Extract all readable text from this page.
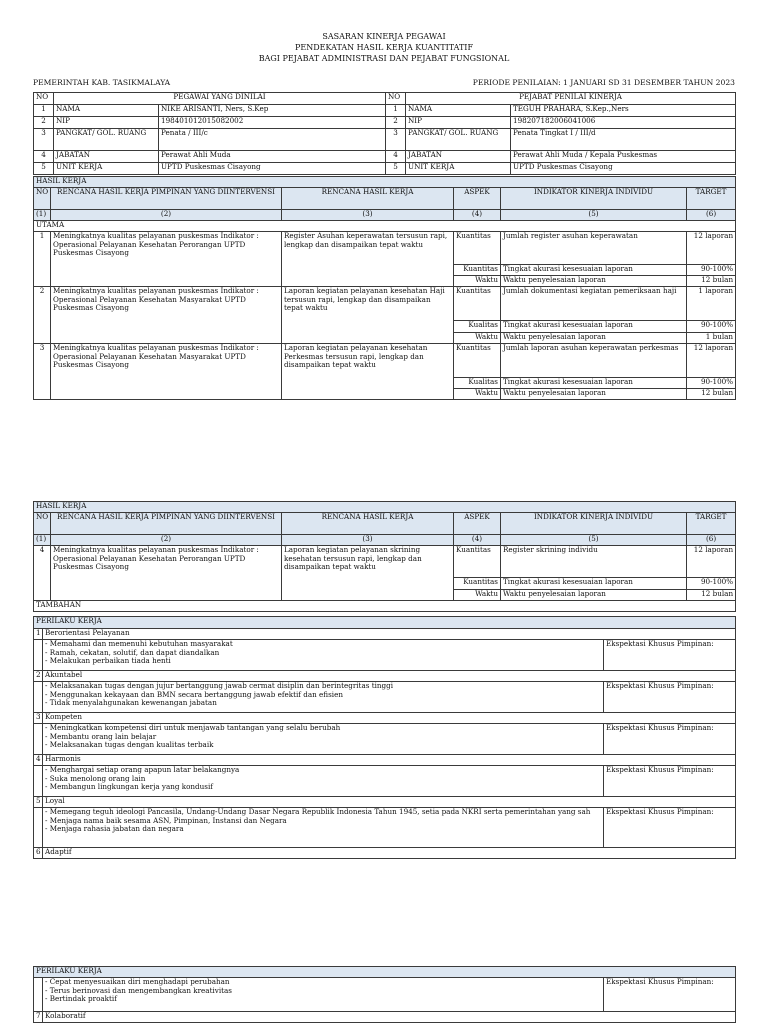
SASARAN KINERJA PEGAWAI
PENDEKATAN HASIL KERJA KUANTITATIF
BAGI PEJABAT ADMINISTRASI DAN PEJABAT FUNGSIONAL
PEMERINTAH KAB. TASIKMALAYA	PERIODE PENILAIAN: 1 JANUARI SD 31 DESEMBER TAHUN 2023
NO	PEGAWAI YANG DINILAI		NO	PEJABAT PENILAI KINERJA	
1	NAMA	NIKE ARISANTI, Ners, S.Kep	1	NAMA	TEGUH PRAHARA, S.Kep.,Ners
2	NIP	198401012015082002	2	NIP	198207182006041006
3	PANGKAT/ GOL. RUANG	Penata / III/c	3	PANGKAT/ GOL. RUANG	Penata Tingkat I / III/d
4	JABATAN	Perawat Ahli Muda	4	JABATAN	Perawat Ahli Muda / Kepala Puskesmas
5	UNIT KERJA	UPTD Puskesmas Cisayong	5	UNIT KERJA	UPTD Puskesmas Cisayong
HASIL KERJA					
NO	RENCANA HASIL KERJA PIMPINAN YANG DIINTERVENSI	RENCANA HASIL KERJA	ASPEK	INDIKATOR KINERJA INDIVIDU	TARGET
(1)	(2)	(3)	(4)	(5)	(6)
UTAMA					
1	Meningkatnya kualitas pelayanan puskesmas Indikator : Operasional Pelayanan Kesehatan Perorangan UPTD Puskesmas Cisayong	Register Asuhan keperawatan tersusun rapi, lengkap dan disampaikan tepat waktu	Kuantitas	Jumlah register asuhan keperawatan	12 laporan
			Kuantitas	Tingkat akurasi kesesuaian laporan	90-100%
			Waktu	Waktu penyelesaian laporan	12 bulan
2	Meningkatnya kualitas pelayanan puskesmas Indikator : Operasional Pelayanan Kesehatan Masyarakat UPTD Puskesmas Cisayong	Laporan kegiatan pelayanan kesehatan Haji tersusun rapi, lengkap dan disampaikan tepat waktu	Kuantitas	Jumlah dokumentasi kegiatan pemeriksaan haji	1 laporan
			Kualitas	Tingkat akurasi kesesuaian laporan	90-100%
			Waktu	Waktu penyelesaian laporan	1 bulan
3	Meningkatnya kualitas pelayanan puskesmas Indikator : Operasional Pelayanan Kesehatan Masyarakat UPTD Puskesmas Cisayong	Laporan kegiatan pelayanan kesehatan Perkesmas tersusun rapi, lengkap dan disampaikan tepat waktu	Kuantitas	Jumlah laporan asuhan keperawatan perkesmas	12 laporan
			Kualitas	Tingkat akurasi kesesuaian laporan	90-100%
			Waktu	Waktu penyelesaian laporan	12 bulan
HASIL KERJA					
NO	RENCANA HASIL KERJA PIMPINAN YANG DIINTERVENSI	RENCANA HASIL KERJA	ASPEK	INDIKATOR KINERJA INDIVIDU	TARGET
(1)	(2)	(3)	(4)	(5)	(6)
4	Meningkatnya kualitas pelayanan puskesmas Indikator : Operasional Pelayanan Kesehatan Perorangan UPTD Puskesmas Cisayong	Laporan kegiatan pelayanan skrining kesehatan tersusun rapi, lengkap dan disampaikan tepat waktu	Kuantitas	Register skrining individu	12 laporan
			Kuantitas	Tingkat akurasi kesesuaian laporan	90-100%
			Waktu	Waktu penyelesaian laporan	12 bulan
TAMBAHAN					
PERILAKU KERJA		
1	Berorientasi Pelayanan	

	- Memahami dan memenuhi kebutuhan masyarakat
- Ramah, cekatan, solutif, dan dapat diandalkan
- Melakukan perbaikan tiada henti	Ekspektasi Khusus Pimpinan:
2	Akuntabel	

	- Melaksanakan tugas dengan jujur bertanggung jawab cermat disiplin dan berintegritas tinggi
- Menggunakan kekayaan dan BMN secara bertanggung jawab efektif dan efisien
- Tidak menyalahgunakan kewenangan jabatan	Ekspektasi Khusus Pimpinan:
3	Kompeten	

	- Meningkatkan kompetensi diri untuk menjawab tantangan yang selalu berubah
- Membantu orang lain belajar
- Melaksanakan tugas dengan kualitas terbaik	Ekspektasi Khusus Pimpinan:
4	Harmonis	

	- Menghargai setiap orang apapun latar belakangnya
- Suka menolong orang lain
- Membangun lingkungan kerja yang kondusif	Ekspektasi Khusus Pimpinan:
5	Loyal	

	- Memegang teguh ideologi Pancasila, Undang-Undang Dasar Negara Republik Indonesia Tahun 1945, setia pada NKRI serta pemerintahan yang sah
- Menjaga nama baik sesama ASN, Pimpinan, Instansi dan Negara
- Menjaga rahasia jabatan dan negara	Ekspektasi Khusus Pimpinan:
6	Adaptif	
PERILAKU KERJA		

	- Cepat menyesuaikan diri menghadapi perubahan
- Terus berinovasi dan mengembangkan kreativitas
- Bertindak proaktif	Ekspektasi Khusus Pimpinan:
7	Kolaboratif	
